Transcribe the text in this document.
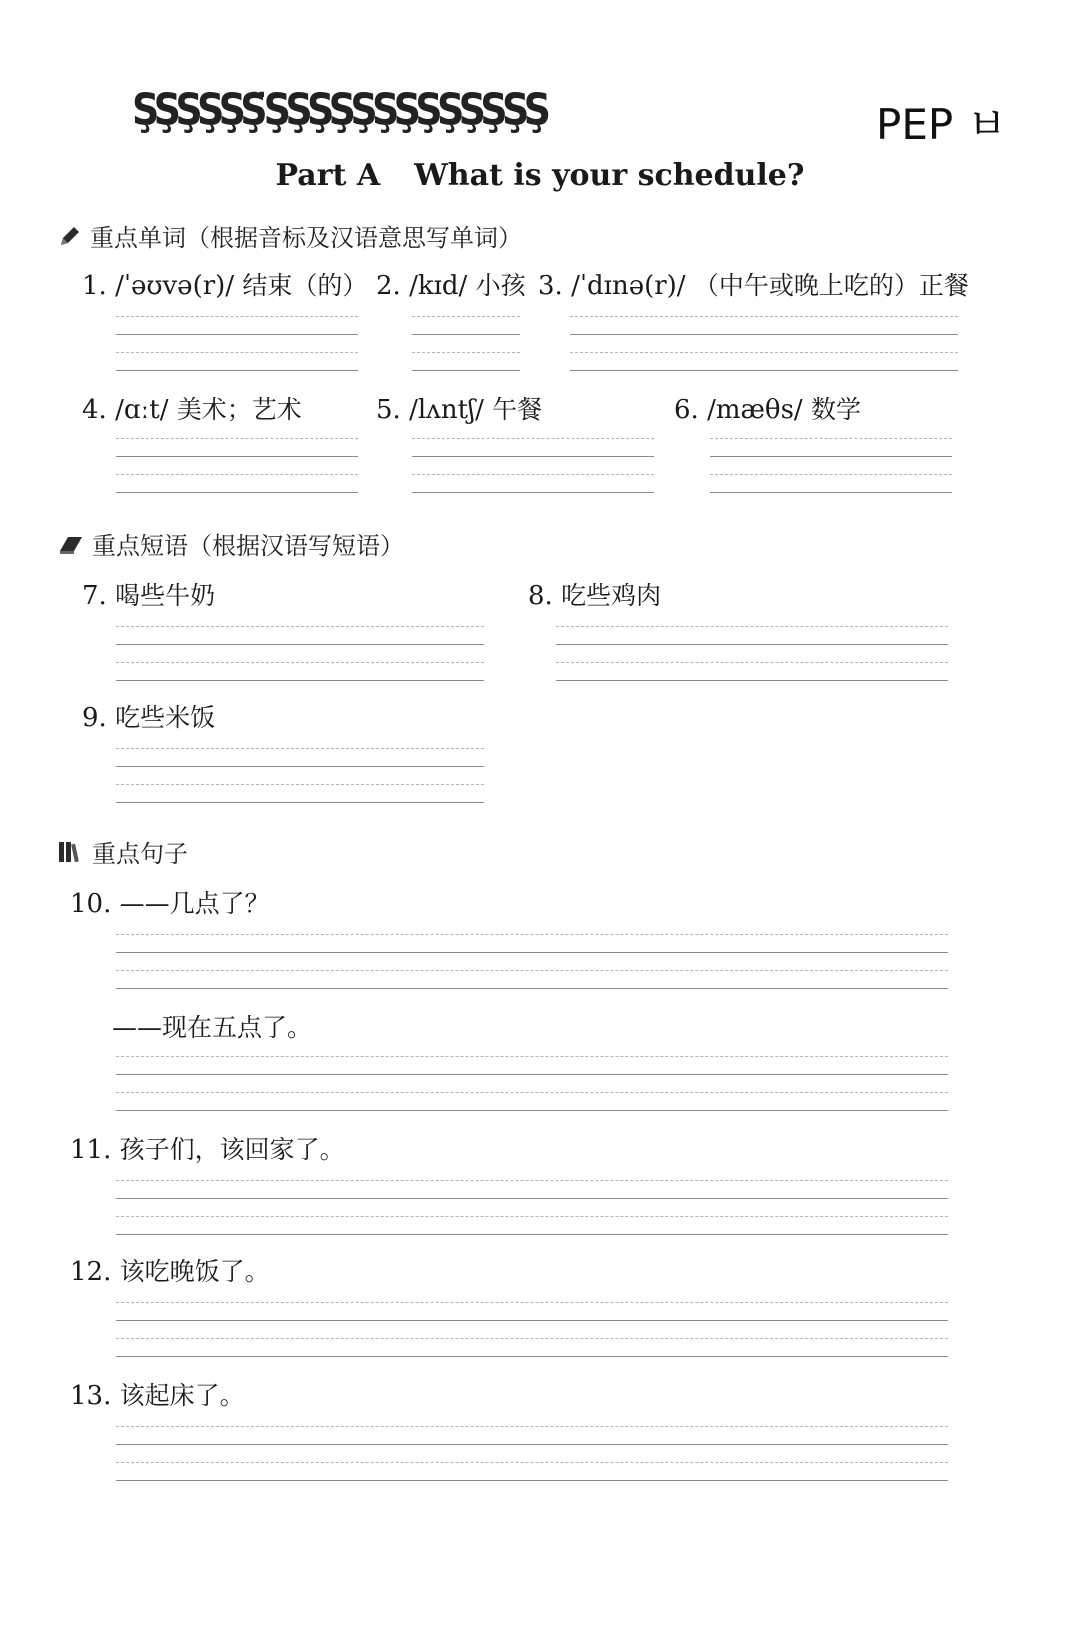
ŞŞŞŞŞŞ̈ŞŞŞŞŞŞŞŞŞŞŞŞŞ	PEP ㅂ
Part A What is your schedule?
重点单词（根据音标及汉语意思写单词）
1. /ˈəʊvə(r)/ 结束（的） 2. /kɪd/ 小孩 3. /ˈdɪnə(r)/ （中午或晚上吃的）正餐
4. /ɑːt/ 美术；艺术	5. /lʌntʃ/ 午餐	6. /mæθs/ 数学
重点短语（根据汉语写短语）
7. 喝些牛奶	8. 吃些鸡肉
9. 吃些米饭
重点句子
10. ——几点了？
——现在五点了。
11. 孩子们，该回家了。
12. 该吃晚饭了。
13. 该起床了。
